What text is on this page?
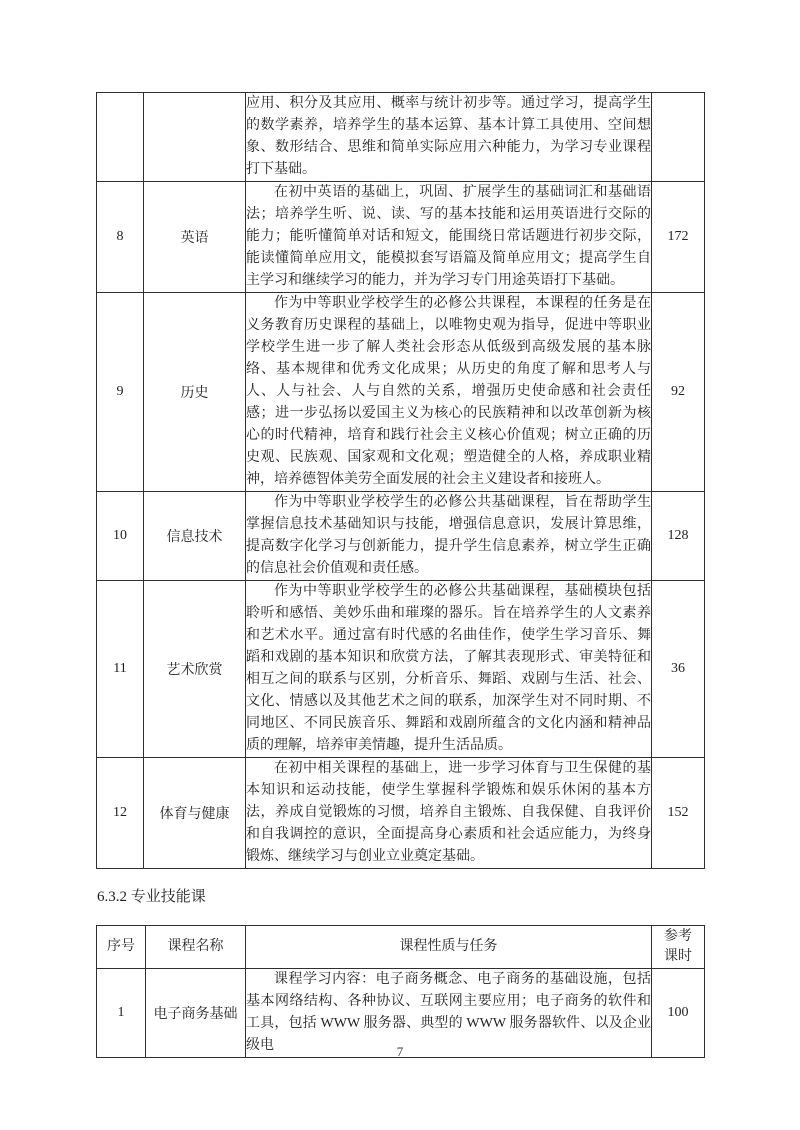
		应用、积分及其应用、概率与统计初步等。通过学习，提高学生的数学素养，培养学生的基本运算、基本计算工具使用、空间想象、数形结合、思维和简单实际应用六种能力，为学习专业课程打下基础。	

8	英语	在初中英语的基础上，巩固、扩展学生的基础词汇和基础语法；培养学生听、说、读、写的基本技能和运用英语进行交际的能力；能听懂简单对话和短文，能围绕日常话题进行初步交际，能读懂简单应用文，能模拟套写语篇及简单应用文；提高学生自主学习和继续学习的能力，并为学习专门用途英语打下基础。	172
9	历史	作为中等职业学校学生的必修公共课程，本课程的任务是在义务教育历史课程的基础上，以唯物史观为指导，促进中等职业学校学生进一步了解人类社会形态从低级到高级发展的基本脉络、基本规律和优秀文化成果；从历史的角度了解和思考人与人、人与社会、人与自然的关系，增强历史使命感和社会责任感；进一步弘扬以爱国主义为核心的民族精神和以改革创新为核心的时代精神，培育和践行社会主义核心价值观；树立正确的历史观、民族观、国家观和文化观；塑造健全的人格，养成职业精神，培养德智体美劳全面发展的社会主义建设者和接班人。	92
10	信息技术	作为中等职业学校学生的必修公共基础课程，旨在帮助学生掌握信息技术基础知识与技能，增强信息意识，发展计算思维，提高数字化学习与创新能力，提升学生信息素养，树立学生正确的信息社会价值观和责任感。	128
11	艺术欣赏	作为中等职业学校学生的必修公共基础课程，基础模块包括聆听和感悟、美妙乐曲和璀璨的器乐。旨在培养学生的人文素养和艺术水平。通过富有时代感的名曲佳作，使学生学习音乐、舞蹈和戏剧的基本知识和欣赏方法，了解其表现形式、审美特征和相互之间的联系与区别，分析音乐、舞蹈、戏剧与生活、社会、文化、情感以及其他艺术之间的联系，加深学生对不同时期、不同地区、不同民族音乐、舞蹈和戏剧所蕴含的文化内涵和精神品质的理解，培养审美情趣，提升生活品质。	36
12	体育与健康	在初中相关课程的基础上，进一步学习体育与卫生保健的基本知识和运动技能，使学生掌握科学锻炼和娱乐休闲的基本方法，养成自觉锻炼的习惯，培养自主锻炼、自我保健、自我评价和自我调控的意识，全面提高身心素质和社会适应能力，为终身锻炼、继续学习与创业立业奠定基础。	152

6.3.2 专业技能课

序号	课程名称	课程性质与任务	参考课时

1	电子商务基础	课程学习内容：电子商务概念、电子商务的基础设施，包括基本网络结构、各种协议、互联网主要应用；电子商务的软件和工具，包括 WWW 服务器、典型的 WWW 服务器软件、以及企业级电	100
7
